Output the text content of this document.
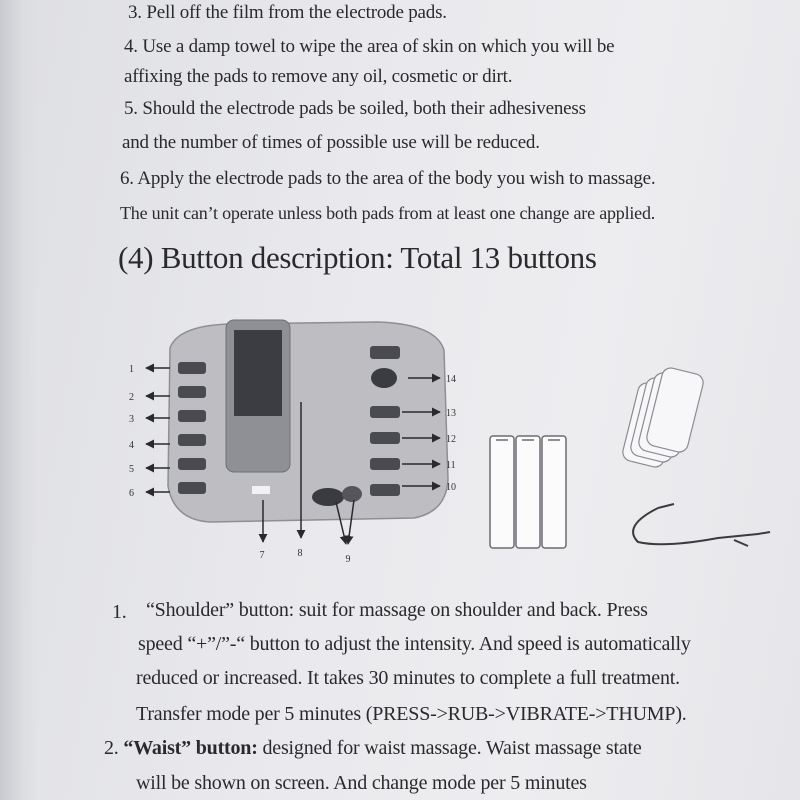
3. Pell off the film from the electrode pads.
4. Use a damp towel to wipe the area of skin on which you will be
affixing the pads to remove any oil, cosmetic or dirt.
5. Should the electrode pads be soiled, both their adhesiveness
and the number of times of possible use will be reduced.
6. Apply the electrode pads to the area of the body you wish to massage.
The unit can’t operate unless both pads from at least one change are applied.
(4) Button description: Total 13 buttons
1
2
3
4
5
6
14
13
12
11
10
7	8
9
1. “Shoulder” button: suit for massage on shoulder and back. Press
speed “+”/”-“ button to adjust the intensity. And speed is automatically
reduced or increased. It takes 30 minutes to complete a full treatment.
Transfer mode per 5 minutes (PRESS->RUB->VIBRATE->THUMP).
2. “Waist” button: designed for waist massage. Waist massage state
will be shown on screen. And change mode per 5 minutes
